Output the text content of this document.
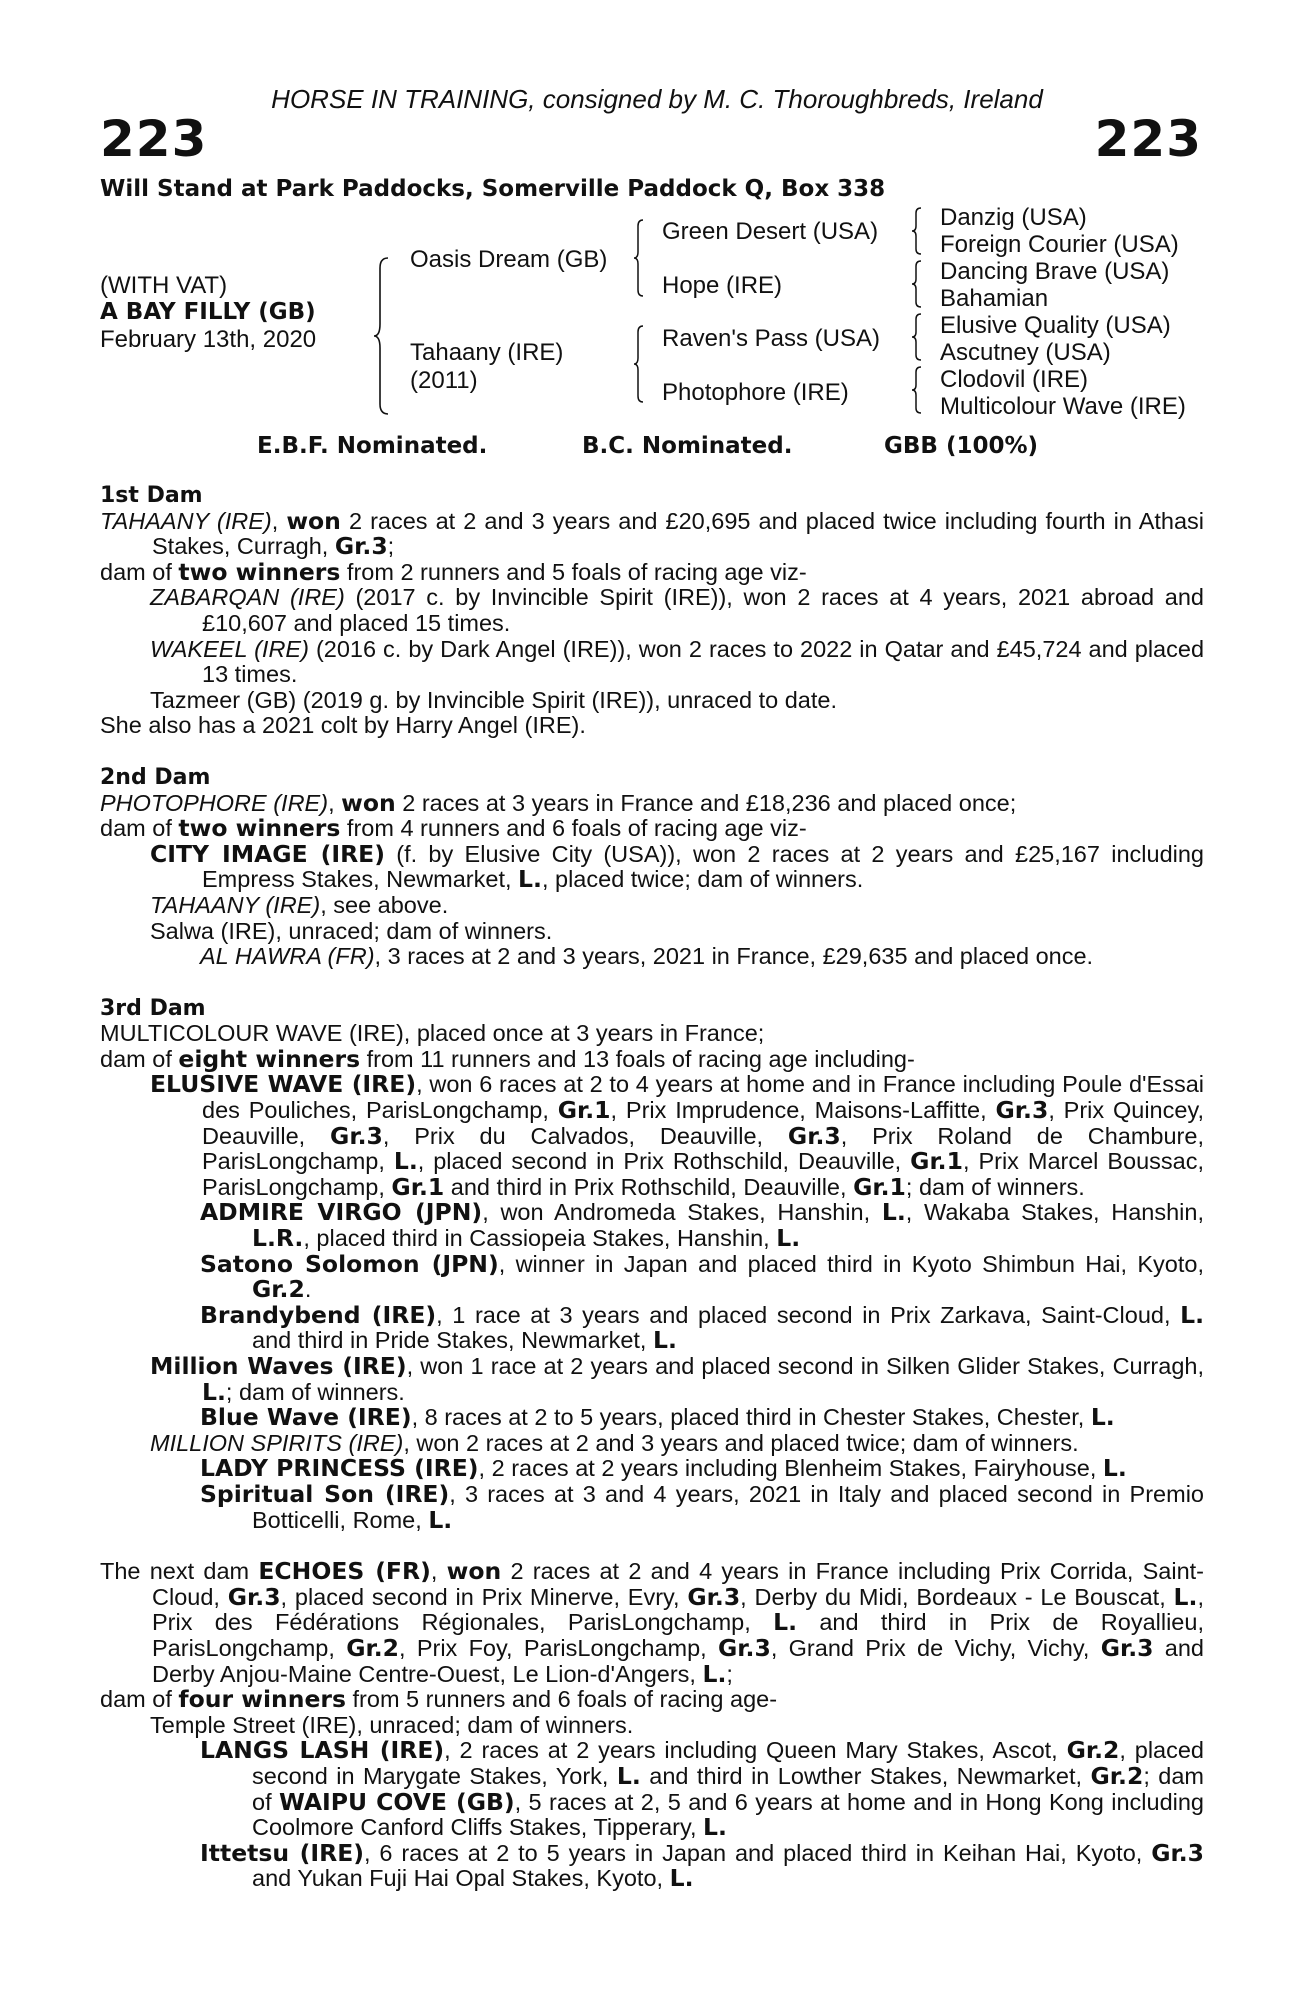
HORSE IN TRAINING, consigned by M. C. Thoroughbreds, Ireland
223	223
Will Stand at Park Paddocks, Somerville Paddock Q, Box 338
(WITH VAT)
A BAY FILLY (GB)
February 13th, 2020
Oasis Dream (GB)
Tahaany (IRE)
(2011)
Green Desert (USA)
Hope (IRE)
Raven's Pass (USA)
Photophore (IRE)
Danzig (USA)
Foreign Courier (USA)
Dancing Brave (USA)
Bahamian
Elusive Quality (USA)
Ascutney (USA)
Clodovil (IRE)
Multicolour Wave (IRE)
E.B.F. Nominated.	B.C. Nominated.	GBB (100%)

1st Dam

TAHAANY (IRE), won 2 races at 2 and 3 years and £20,695 and placed twice including fourth in Athasi Stakes, Curragh, Gr.3;

dam of two winners from 2 runners and 5 foals of racing age viz-

ZABARQAN (IRE) (2017 c. by Invincible Spirit (IRE)), won 2 races at 4 years, 2021 abroad and £10,607 and placed 15 times.

WAKEEL (IRE) (2016 c. by Dark Angel (IRE)), won 2 races to 2022 in Qatar and £45,724 and placed 13 times.

Tazmeer (GB) (2019 g. by Invincible Spirit (IRE)), unraced to date.

She also has a 2021 colt by Harry Angel (IRE).

2nd Dam

PHOTOPHORE (IRE), won 2 races at 3 years in France and £18,236 and placed once;

dam of two winners from 4 runners and 6 foals of racing age viz-

CITY IMAGE (IRE) (f. by Elusive City (USA)), won 2 races at 2 years and £25,167 including Empress Stakes, Newmarket, L., placed twice; dam of winners.

TAHAANY (IRE), see above.

Salwa (IRE), unraced; dam of winners.

AL HAWRA (FR), 3 races at 2 and 3 years, 2021 in France, £29,635 and placed once.

3rd Dam

MULTICOLOUR WAVE (IRE), placed once at 3 years in France;

dam of eight winners from 11 runners and 13 foals of racing age including-

ELUSIVE WAVE (IRE), won 6 races at 2 to 4 years at home and in France including Poule d'Essai des Pouliches, ParisLongchamp, Gr.1, Prix Imprudence, Maisons-Laffitte, Gr.3, Prix Quincey, Deauville, Gr.3, Prix du Calvados, Deauville, Gr.3, Prix Roland de Chambure, ParisLongchamp, L., placed second in Prix Rothschild, Deauville, Gr.1, Prix Marcel Boussac, ParisLongchamp, Gr.1 and third in Prix Rothschild, Deauville, Gr.1; dam of winners.

ADMIRE VIRGO (JPN), won Andromeda Stakes, Hanshin, L., Wakaba Stakes, Hanshin, L.R., placed third in Cassiopeia Stakes, Hanshin, L.

Satono Solomon (JPN), winner in Japan and placed third in Kyoto Shimbun Hai, Kyoto, Gr.2.

Brandybend (IRE), 1 race at 3 years and placed second in Prix Zarkava, Saint-Cloud, L. and third in Pride Stakes, Newmarket, L.

Million Waves (IRE), won 1 race at 2 years and placed second in Silken Glider Stakes, Curragh, L.; dam of winners.

Blue Wave (IRE), 8 races at 2 to 5 years, placed third in Chester Stakes, Chester, L.

MILLION SPIRITS (IRE), won 2 races at 2 and 3 years and placed twice; dam of winners.

LADY PRINCESS (IRE), 2 races at 2 years including Blenheim Stakes, Fairyhouse, L.

Spiritual Son (IRE), 3 races at 3 and 4 years, 2021 in Italy and placed second in Premio Botticelli, Rome, L.

The next dam ECHOES (FR), won 2 races at 2 and 4 years in France including Prix Corrida, Saint-Cloud, Gr.3, placed second in Prix Minerve, Evry, Gr.3, Derby du Midi, Bordeaux - Le Bouscat, L., Prix des Fédérations Régionales, ParisLongchamp, L. and third in Prix de Royallieu, ParisLongchamp, Gr.2, Prix Foy, ParisLongchamp, Gr.3, Grand Prix de Vichy, Vichy, Gr.3 and Derby Anjou-Maine Centre-Ouest, Le Lion-d'Angers, L.;

dam of four winners from 5 runners and 6 foals of racing age-

Temple Street (IRE), unraced; dam of winners.

LANGS LASH (IRE), 2 races at 2 years including Queen Mary Stakes, Ascot, Gr.2, placed second in Marygate Stakes, York, L. and third in Lowther Stakes, Newmarket, Gr.2; dam of WAIPU COVE (GB), 5 races at 2, 5 and 6 years at home and in Hong Kong including Coolmore Canford Cliffs Stakes, Tipperary, L.

Ittetsu (IRE), 6 races at 2 to 5 years in Japan and placed third in Keihan Hai, Kyoto, Gr.3 and Yukan Fuji Hai Opal Stakes, Kyoto, L.
